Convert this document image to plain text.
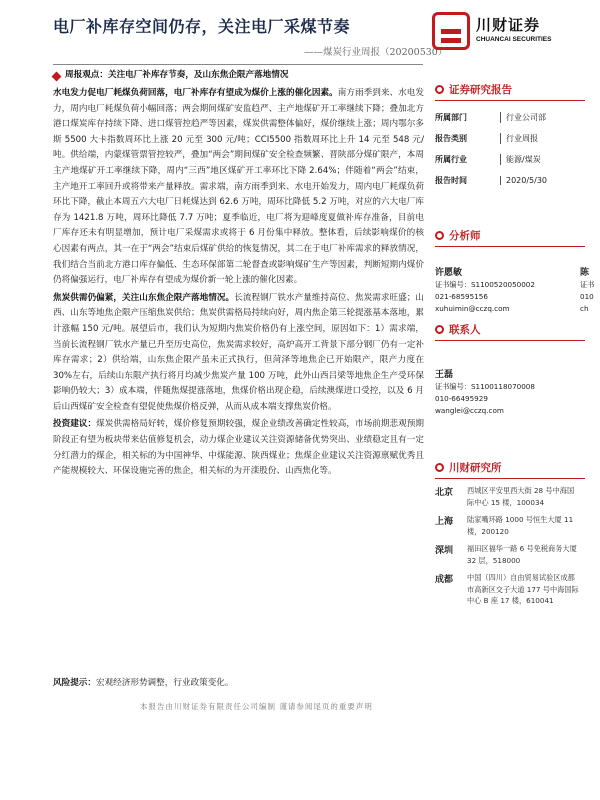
电厂补库存空间仍存，关注电厂采煤节奏
——煤炭行业周报（20200530）
川财证券
CHUANCAI SECURITIES
周报观点：关注电厂补库存节奏，及山东焦企限产落地情况

水电发力促电厂耗煤负荷回落，电厂补库存有望成为煤价上涨的催化因素。南方雨季到来、水电发力，周内电厂耗煤负荷小幅回落；两会期间煤矿安监趋严、主产地煤矿开工率继续下降；叠加北方港口煤炭库存持续下降、进口煤管控趋严等因素，煤炭供需整体偏好，煤价继续上涨；周内鄂尔多斯 5500 大卡指数周环比上涨 20 元至 300 元/吨；CCI5500 指数周环比上升 14 元至 548 元/吨。供给端，内蒙煤管票管控较严，叠加“两会”期间煤矿安全检查频繁、晋陕部分煤矿限产，本周主产地煤矿开工率继续下降，周内“三西”地区煤矿开工率环比下降 2.64%；伴随着“两会”结束，主产地开工率回升或将带来产量释放。需求端，南方雨季到来、水电开始发力，周内电厂耗煤负荷环比下降，截止本周五六大电厂日耗煤达到 62.6 万吨，周环比降低 5.2 万吨，对应的六大电厂库存为 1421.8 万吨，周环比降低 7.7 万吨；夏季临近，电厂将为迎峰度夏做补库存准备，目前电厂库存还未有明显增加，预计电厂采煤需求或将于 6 月份集中释放。整体看，后续影响煤价的核心因素有两点，其一在于“两会”结束后煤矿供给的恢复情况，其二在于电厂补库需求的释放情况，我们结合当前北方港口库存偏低、生态环保部第二轮督查或影响煤矿生产等因素，判断短期内煤价仍将偏强运行，电厂补库存有望成为煤价新一轮上涨的催化因素。

焦炭供需仍偏紧，关注山东焦企限产落地情况。长流程钢厂铁水产量维持高位、焦炭需求旺盛；山西、山东等地焦企限产压缩焦炭供给；焦炭供需格局持续向好，周内焦企第三轮提涨基本落地，累计涨幅 150 元/吨。展望后市，我们认为短期内焦炭价格仍有上涨空间，原因如下：1）需求端，当前长流程钢厂铁水产量已升至历史高位，焦炭需求较好，高炉高开工背景下部分钢厂仍有一定补库存需求；2）供给端，山东焦企限产虽未正式执行，但菏泽等地焦企已开始限产，限产力度在 30%左右，后续山东限产执行将月均减少焦炭产量 100 万吨，此外山西吕梁等地焦企生产受环保影响仍较大；3）成本端，伴随焦煤提涨落地，焦煤价格出现企稳，后续澳煤进口受控，以及 6 月后山西煤矿安全检查有望促使焦煤价格反弹，从而从成本端支撑焦炭价格。

投资建议：煤炭供需格局好转，煤价修复预期较强，煤企业绩改善确定性较高，市场前期悲观预期阶段正有望为板块带来估值修复机会，动力煤企业建议关注资源储备优势突出、业绩稳定且有一定分红潜力的煤企，相关标的为中国神华、中煤能源、陕西煤业；焦煤企业建议关注资源禀赋优秀且产能规模较大、环保设施完善的焦企，相关标的为开滦股份、山西焦化等。

风险提示：宏观经济形势调整，行业政策变化。
本报告由川财证券有限责任公司编制 谨请参阅尾页的重要声明
证券研究报告
所属部门	行业公司部
报告类别	行业周报
所属行业	能源/煤炭
报告时间	2020/5/30
分析师
许愿敏
证书编号：S1100520050002
021-68595156
xuhuimin@cczq.com
陈
证书
010
ch
联系人
王磊
证书编号：S1100118070008
010-66495929
wanglei@cczq.com
川财研究所
北京	西城区平安里西大街 28 号中海国际中心 15 楼，100034
上海	陆家嘴环路 1000 号恒生大厦 11 楼，200120
深圳	福田区福华一路 6 号免税商务大厦 32 层，518000
成都	中国（四川）自由贸易试验区成都市高新区交子大道 177 号中海国际中心 B 座 17 楼，610041
